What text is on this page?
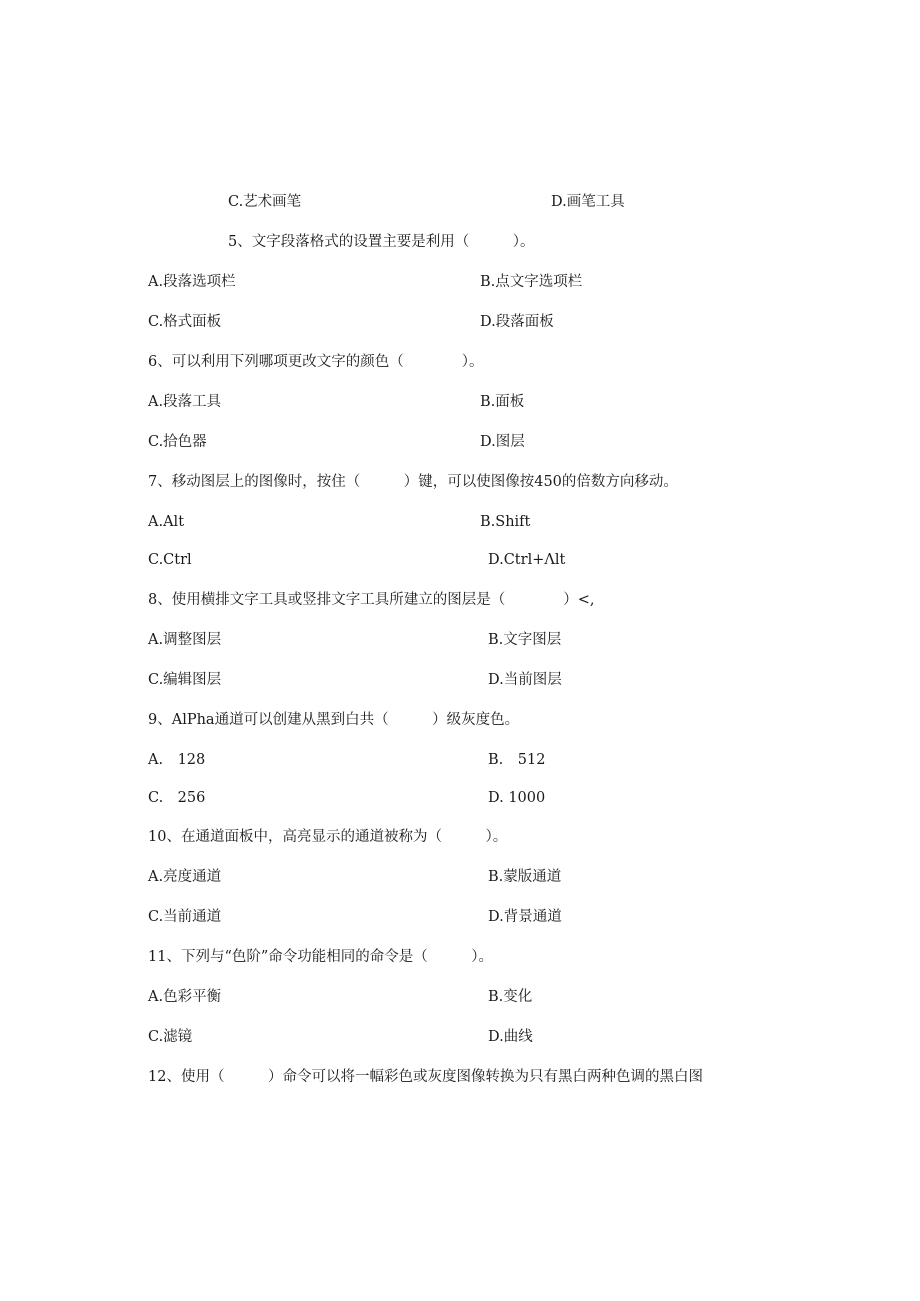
C.艺术画笔	D.画笔工具
5、文字段落格式的设置主要是利用（　　　）。
A.段落选项栏	B.点文字选项栏
C.格式面板	D.段落面板
6、可以利用下列哪项更改文字的颜色（　　　　）。
A.段落工具	B.面板
C.拾色器	D.图层
7、移动图层上的图像时，按住（　　　）键，可以使图像按450的倍数方向移动。
A.Alt	B.Shift
C.Ctrl	D.Ctrl+Λlt
8、使用横排文字工具或竖排文字工具所建立的图层是（　　　　）<,
A.调整图层	B.文字图层
C.编辑图层	D.当前图层
9、AlPha通道可以创建从黑到白共（　　　）级灰度色。
A.　128	B.　512
C.　256	D. 1000
10、在通道面板中，高亮显示的通道被称为（　　　）。
A.亮度通道	B.蒙版通道
C.当前通道	D.背景通道
11、下列与“色阶”命令功能相同的命令是（　　　）。
A.色彩平衡	B.变化
C.滤镜	D.曲线
12、使用（　　　）命令可以将一幅彩色或灰度图像转换为只有黑白两种色调的黑白图
